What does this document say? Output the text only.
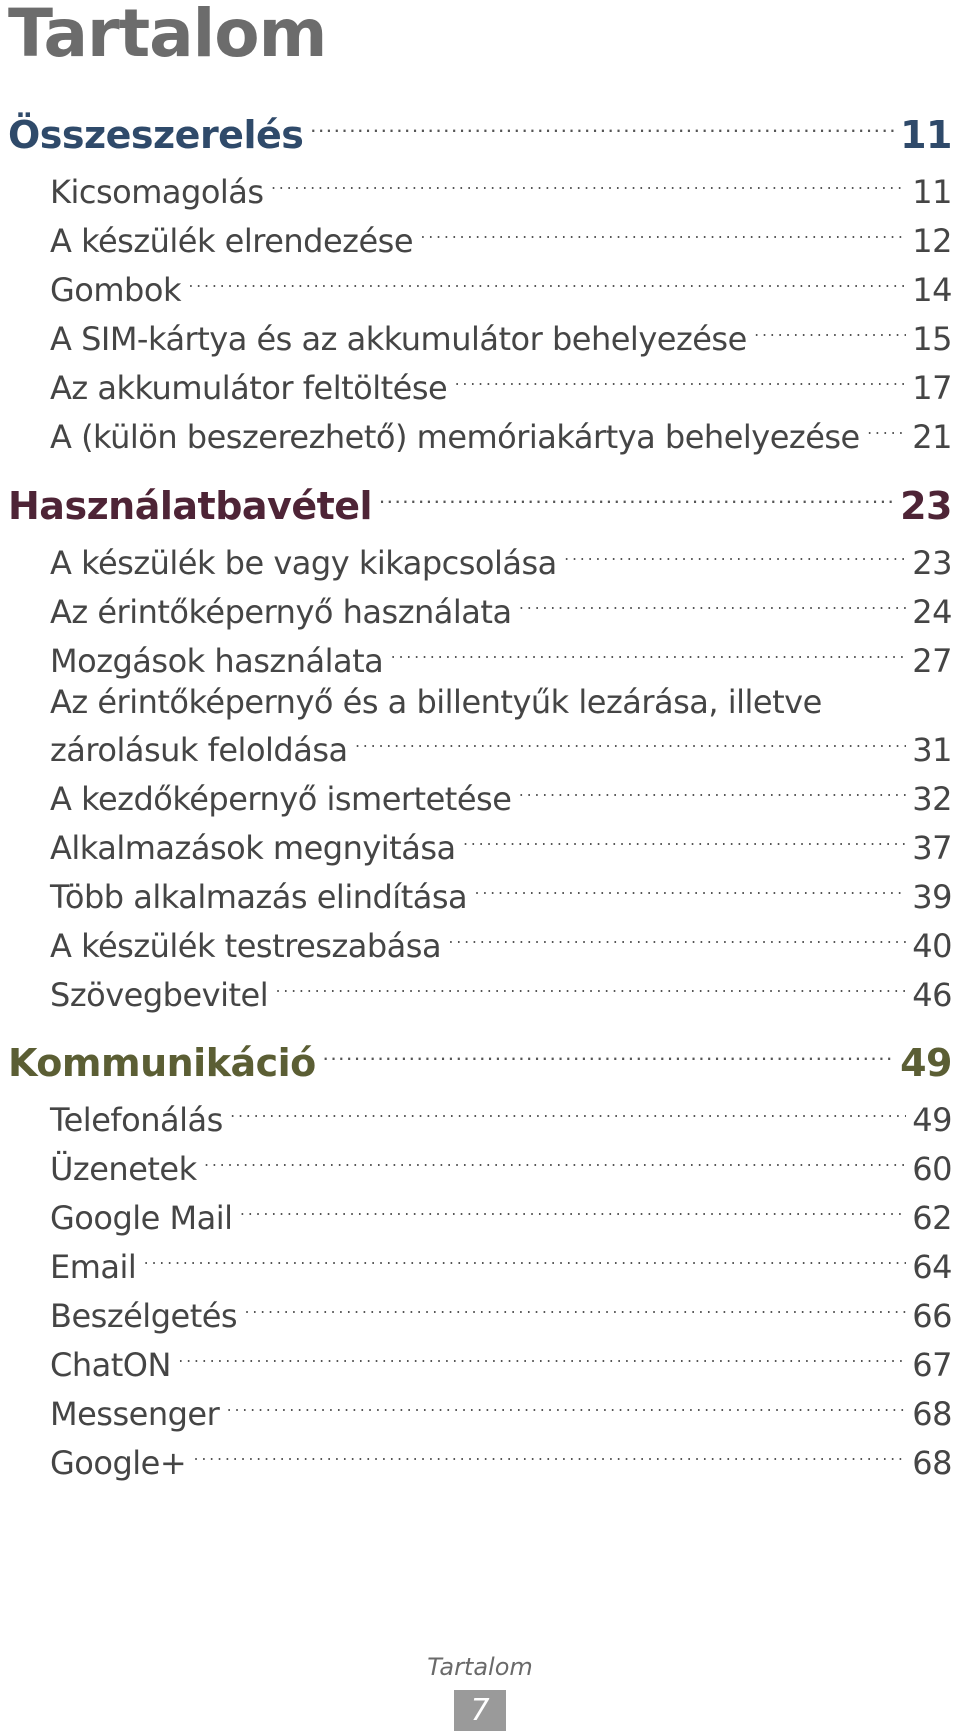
Tartalom
Összeszerelés .....	11
Kicsomagolás .....	11
A készülék elrendezése .....	12
Gombok .....	14
A SIM-kártya és az akkumulátor behelyezése .....	15
Az akkumulátor feltöltése .....	17
A (külön beszerezhető) memóriakártya behelyezése ..... 21
Használatbavétel .....	23
A készülék be vagy kikapcsolása .....	23
Az érintőképernyő használata .....	24
Mozgások használata .....	27
Az érintőképernyő és a billentyűk lezárása, illetve
zárolásuk feloldása .....	31
A kezdőképernyő ismertetése .....	32
Alkalmazások megnyitása .....	37
Több alkalmazás elindítása .....	39
A készülék testreszabása .....	40
Szövegbevitel .....	46
Kommunikáció .....	49
Telefonálás .....	49
Üzenetek .....	60
Google Mail .....	62
Email .....	64
Beszélgetés .....	66
ChatON .....	67
Messenger .....	68
Google+ .....	68
Tartalom
7
